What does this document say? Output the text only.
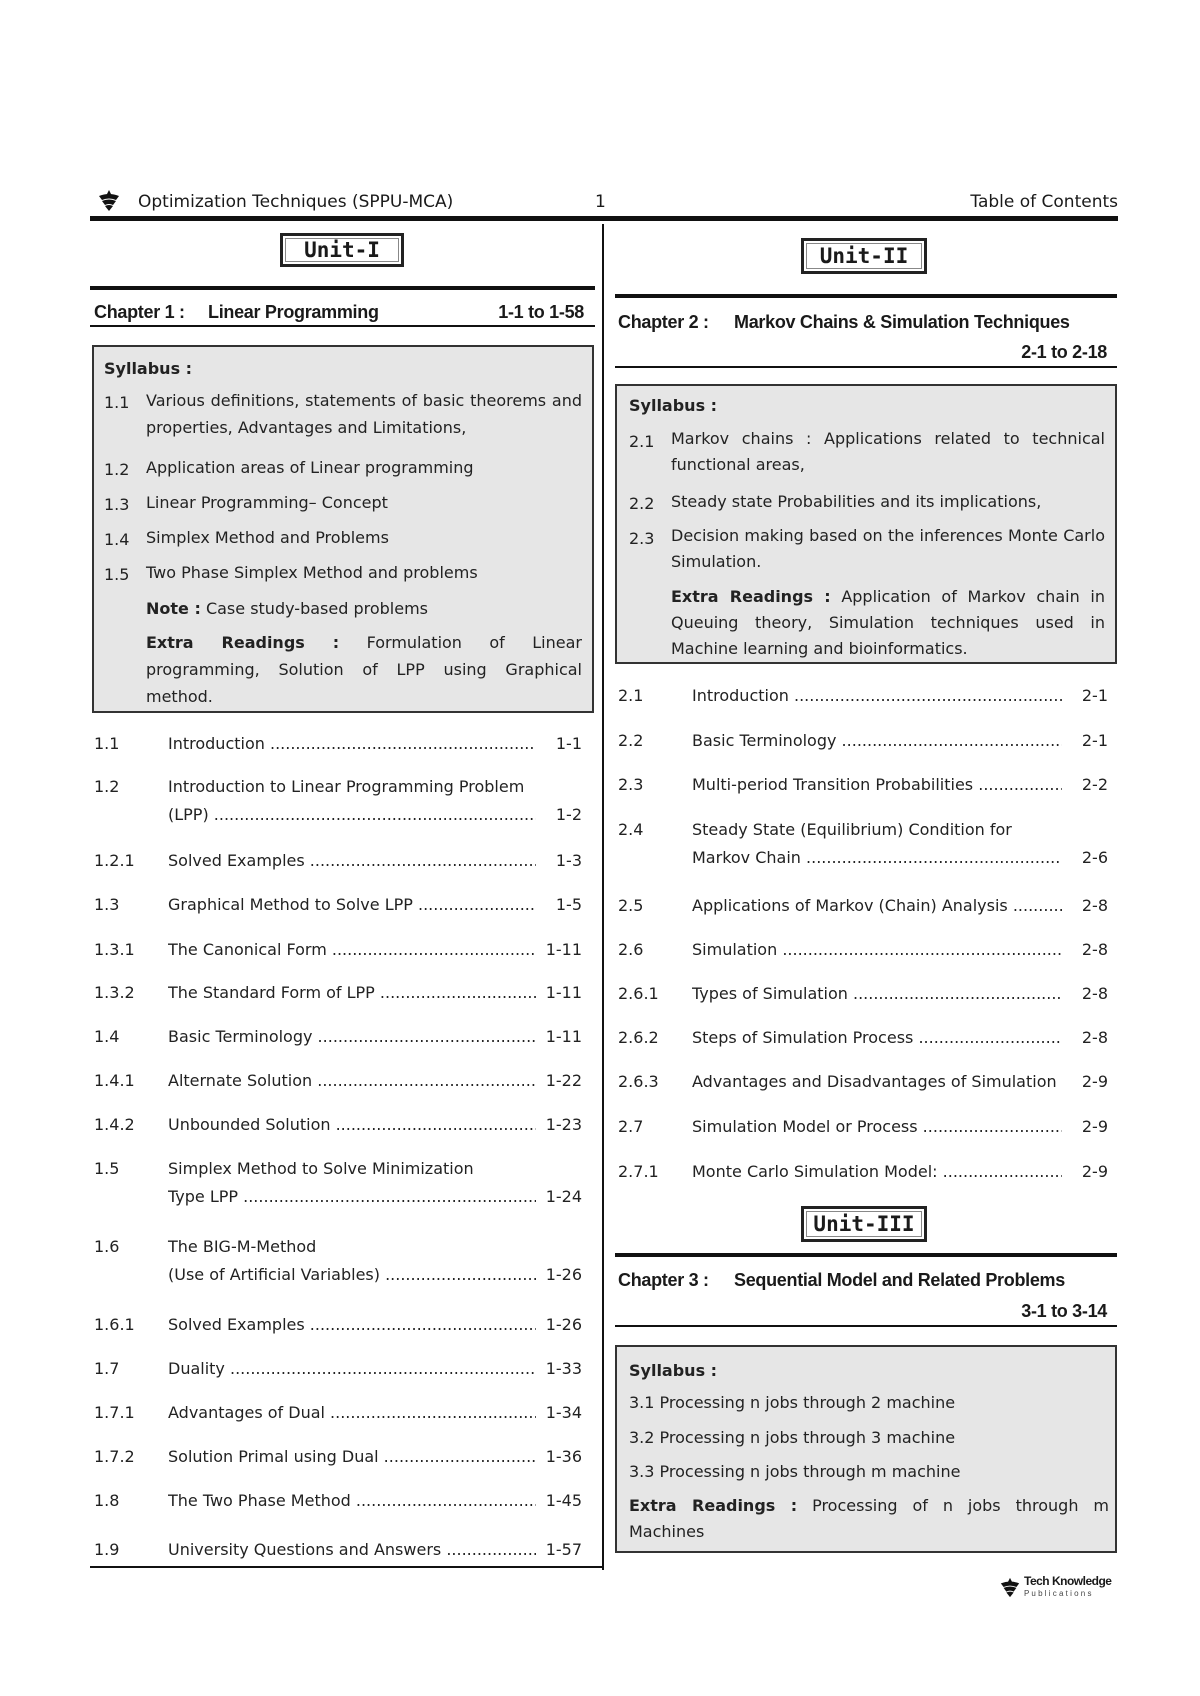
Optimization Techniques (SPPU-MCA)	1	Table of Contents
Unit-I
Chapter 1 : Linear Programming	1-1 to 1-58
Syllabus :
1.1 Various definitions, statements of basic theorems and properties, Advantages and Limitations,
1.2 Application areas of Linear programming
1.3 Linear Programming– Concept
1.4 Simplex Method and Problems
1.5 Two Phase Simplex Method and problems
Note : Case study-based problems
Extra Readings : Formulation of Linear programming, Solution of LPP using Graphical method.
1.1	Introduction .....	1-1
1.2	Introduction to Linear Programming Problem
(LPP) .....	1-2
1.2.1 Solved Examples .....	1-3
1.3	Graphical Method to Solve LPP .....	1-5
1.3.1 The Canonical Form .....	1-11
1.3.2 The Standard Form of LPP .....	1-11
1.4	Basic Terminology .....	1-11
1.4.1 Alternate Solution .....	1-22
1.4.2 Unbounded Solution .....	1-23
1.5	Simplex Method to Solve Minimization
Type LPP .....	1-24
1.6	The BIG-M-Method
(Use of Artificial Variables) .....	1-26
1.6.1 Solved Examples .....	1-26
1.7	Duality .....	1-33
1.7.1 Advantages of Dual .....	1-34
1.7.2 Solution Primal using Dual .....	1-36
1.8	The Two Phase Method .....	1-45
1.9	University Questions and Answers .....	1-57
Unit-II
Chapter 2 : Markov Chains & Simulation Techniques
2-1 to 2-18
Syllabus :
2.1 Markov chains : Applications related to technical functional areas,
2.2 Steady state Probabilities and its implications,
2.3 Decision making based on the inferences Monte Carlo Simulation.
Extra Readings : Application of Markov chain in Queuing theory, Simulation techniques used in Machine learning and bioinformatics.
2.1	Introduction .....	2-1
2.2	Basic Terminology .....	2-1
2.3	Multi-period Transition Probabilities .....	2-2
2.4	Steady State (Equilibrium) Condition for
Markov Chain .....	2-6
2.5	Applications of Markov (Chain) Analysis .....	2-8
2.6	Simulation .....	2-8
2.6.1 Types of Simulation .....	2-8
2.6.2 Steps of Simulation Process .....	2-8
2.6.3 Advantages and Disadvantages of Simulation .....	2-9
2.7	Simulation Model or Process .....	2-9
2.7.1 Monte Carlo Simulation Model: .....	2-9
Unit-III
Chapter 3 : Sequential Model and Related Problems
3-1 to 3-14
Syllabus :
3.1 Processing n jobs through 2 machine
3.2 Processing n jobs through 3 machine
3.3 Processing n jobs through m machine
Extra Readings : Processing of n jobs through m Machines
Tech Knowledge
P u b l i c a t i o n s
